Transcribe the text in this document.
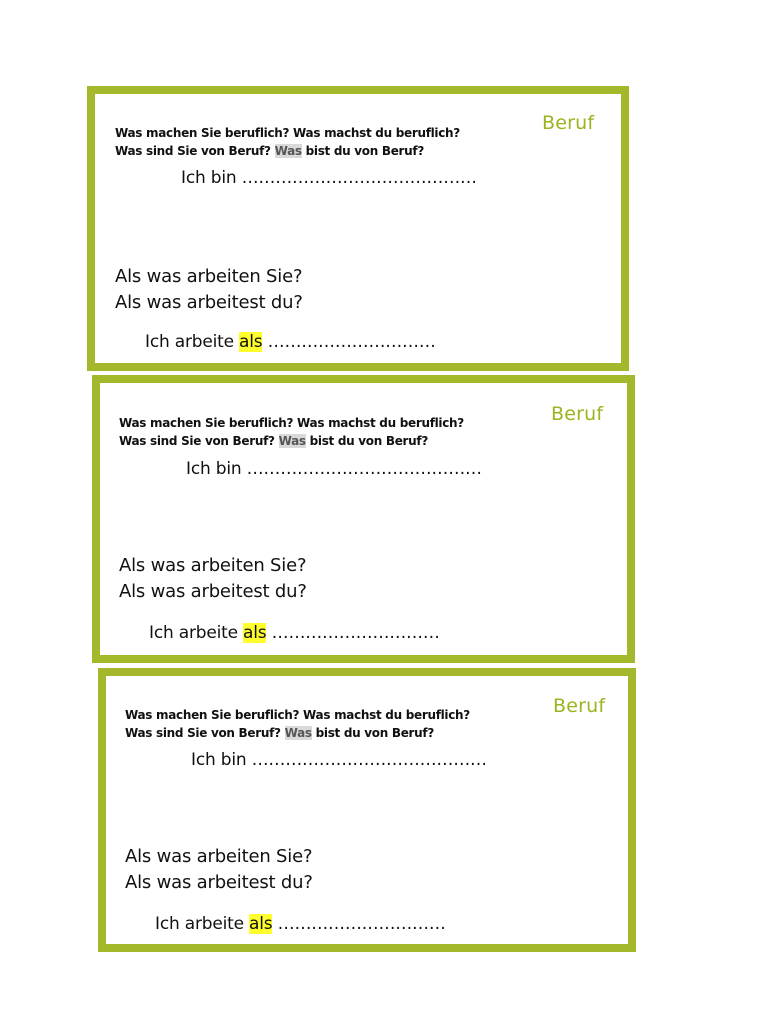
Beruf
Was machen Sie beruflich? Was machst du beruflich?
Was sind Sie von Beruf? Was bist du von Beruf?
Ich bin ……………………………………
Als was arbeiten Sie?
Als was arbeitest du?
Ich arbeite als …………………………
Beruf
Was machen Sie beruflich? Was machst du beruflich?
Was sind Sie von Beruf? Was bist du von Beruf?
Ich bin ……………………………………
Als was arbeiten Sie?
Als was arbeitest du?
Ich arbeite als …………………………
Beruf
Was machen Sie beruflich? Was machst du beruflich?
Was sind Sie von Beruf? Was bist du von Beruf?
Ich bin ……………………………………
Als was arbeiten Sie?
Als was arbeitest du?
Ich arbeite als …………………………
